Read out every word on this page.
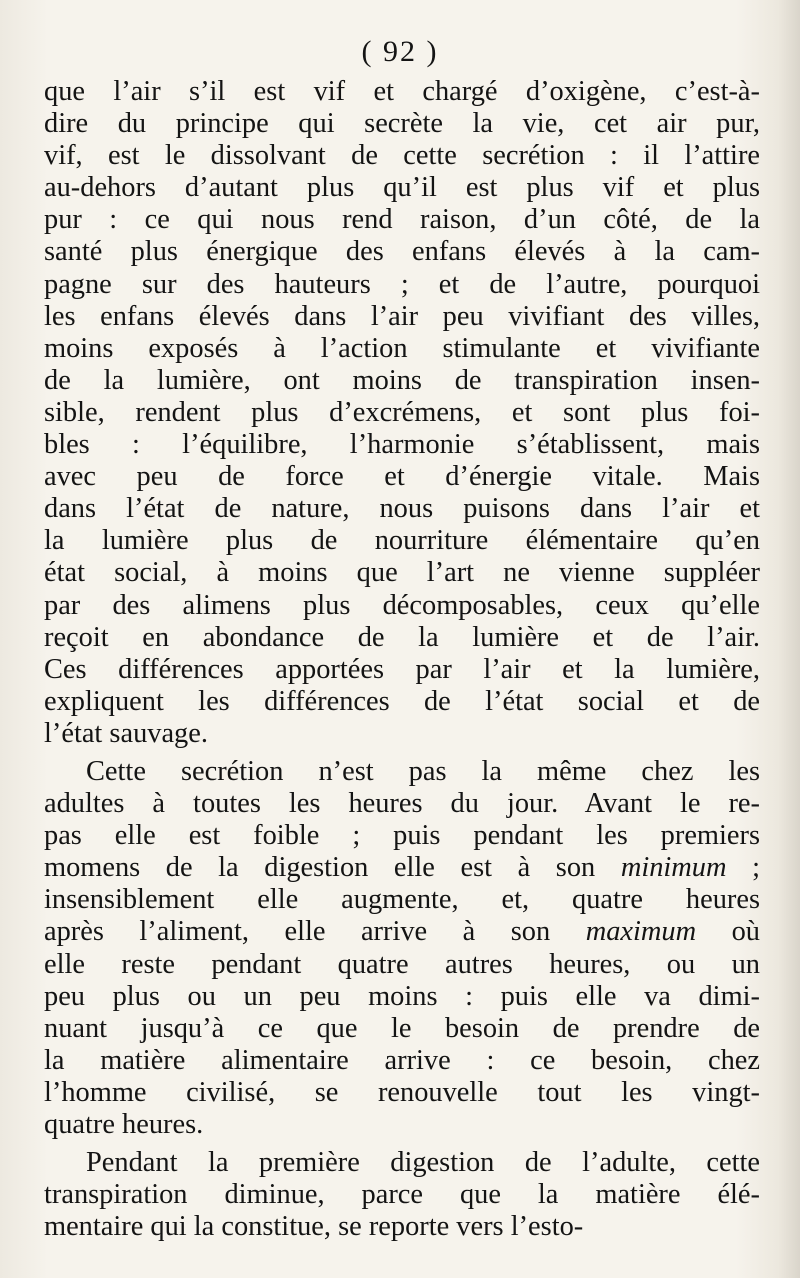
( 92 )
que l’air s’il est vif et chargé d’oxigène, c’est-à-
dire du principe qui secrète la vie, cet air pur,
vif, est le dissolvant de cette secrétion : il l’attire
au-dehors d’autant plus qu’il est plus vif et plus
pur : ce qui nous rend raison, d’un côté, de la
santé plus énergique des enfans élevés à la cam-
pagne sur des hauteurs ; et de l’autre, pourquoi
les enfans élevés dans l’air peu vivifiant des villes,
moins exposés à l’action stimulante et vivifiante
de la lumière, ont moins de transpiration insen-
sible, rendent plus d’excrémens, et sont plus foi-
bles : l’équilibre, l’harmonie s’établissent, mais
avec peu de force et d’énergie vitale. Mais
dans l’état de nature, nous puisons dans l’air et
la lumière plus de nourriture élémentaire qu’en
état social, à moins que l’art ne vienne suppléer
par des alimens plus décomposables, ceux qu’elle
reçoit en abondance de la lumière et de l’air.
Ces différences apportées par l’air et la lumière,
expliquent les différences de l’état social et de
l’état sauvage.
Cette secrétion n’est pas la même chez les
adultes à toutes les heures du jour. Avant le re-
pas elle est foible ; puis pendant les premiers
momens de la digestion elle est à son minimum ;
insensiblement elle augmente, et, quatre heures
après l’aliment, elle arrive à son maximum où
elle reste pendant quatre autres heures, ou un
peu plus ou un peu moins : puis elle va dimi-
nuant jusqu’à ce que le besoin de prendre de
la matière alimentaire arrive : ce besoin, chez
l’homme civilisé, se renouvelle tout les vingt-
quatre heures.
Pendant la première digestion de l’adulte, cette
transpiration diminue, parce que la matière élé-
mentaire qui la constitue, se reporte vers l’esto-
